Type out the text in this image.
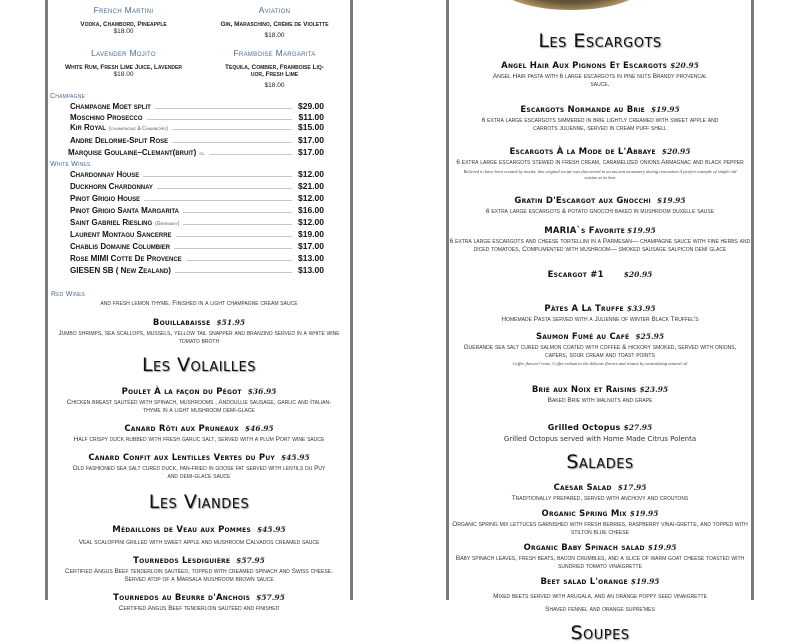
French Martini
Vodka, Chambord, Pineapple
$18.00
Aviation
Gin, Maraschino, Crème de Violette
$18.00
Lavender Mojito
White Rum, Fresh Lime Juice, Lavender
$18.00
Framboise Margarita
Tequila, Combier, Framboise Liq-uor, Fresh Lime
$18.00
Champagne
Champagne Moet split	$29.00
Moschino Prosecco	$11.00
Kir Royal (champagne & Chambord)	$15.00
Andre Delorme-Split Rose	$17.00
Marquise Goulaine–Clemant(bruit) gl	$17.00
White Wines
Chardonnay House	$12.00
Duckhorn Chardonnay	$21.00
Pinot Grigio House	$12.00
Pinot Grigio Santa Margarita	$16.00
Saint Gabriel Riesling (Germany)	$12.00
Laurent Montagu Sancerre	$19.00
Chablis Domaine Columbier	$17.00
Rose MIMI Cotte De Provence	$13.00
GIESEN SB ( New Zealand)	$13.00
Red Wines
and fresh lemon thyme. Finished in a light champagne cream sauce
Bouillabaisse $51.95
Jumbo shrimps, sea scallops, mussels, yellow tail snapper and branzino served in a white wine tomato broth
Les Volailles
Poulet À la façon du Pégot $36.95
Chicken breast sautéed with spinach, mushrooms , Andoullie sausage, garlic and Italian-thyme in a light mushroom demi-glace
Canard Rôti aux Pruneaux $46.95
Half crispy duck rubbed with fresh garlic salt, served with a plum Port wine sauce
Canard Confit aux Lentilles Vertes du Puy $45.95
Old fashioned sea salt cured duck, pan-fried in goose fat served with lentils du Puy and demi-glace sauce
Les Viandes
Médaillons de Veau aux Pommes $45.95
Veal scaloppini grilled with sweet apple and mushroom Calvados creamed sauce
Tournedos Lesdiguière $57.95
Certified Angus Beef tenderloin sautéed, topped with creamed spinach and Swiss cheese. Served atop of a Marsala mushroom brown sauce
Tournedos au Beurre d'Anchois $57.95
Certified Angus Beef tenderloin sautéed and finished
Les Escargots
Angel Hair Aux Pignons Et Escargots $20.95
Angel Hair pasta with 6 large escargots in pine nuts Brandy provencal sauce.
Escargots Normande au Brie $19.95
6 extra large escargots simmered in brie lightly creamed with sweet apple and carrots julienne, served in cream puff shell
Escargots À la Mode de L'Abbaye $20.95
6 extra large escargots stewed in fresh cream, caramelized onions Armagnac and black pepper
Believed to have been created by monks, this original recipe was discovered in an ancient monastery during renovation A perfect example of simple old cuisine at its best
Gratin D'Escargot aux Gnocchi $19.95
6 extra large escargots & potato gnocchi baked in mushroom duxelle sause
MARIA`s Favorite $19.95
6 extra large escargots and cheese tortellini in a Parmesan— champagne sauce with fine herbs and diced tomatoes, Complimented with mushroom— smoked sausage salpicon demi glace
Escargot #1	$20.95
Pâtes A La Truffe $33.95
Homemade Pasta served with a Julienne of winter Black Truffel's
Saumon Fumé au Café $25.95
Guérande sea salt cured salmon coated with coffee & hickory smoked, served with onions, capers, sour cream and toast points
Coffee flavors? none, Coffee enhances the delicate flavors and texture by neutralizing natural oil
Brie aux Noix et Raisins $23.95
Baked Brie with walnuts and grape
Grilled Octopus $27.95
Grilled Octopus served with Home Made Citrus Polenta
Salades
Caesar Salad $17.95
Traditionally prepared, served with anchovy and croutons
Organic Spring Mix $19.95
Organic spring mix lettuces garnished with fresh berries, raspberry vinai-grette, and topped with stilton blue cheese
Organic Baby Spinach salad $19.95
Baby spinach leaves, fresh beats, bacon crumbles, and a slice of warm goat cheese toasted with sundried tomato vinaigrette
Beet salad L'orange $19.95
Mixed beets served with arugala, and an orange poppy seed vinaigrette
Shaved fennel and orange supre'mes
Soupes
